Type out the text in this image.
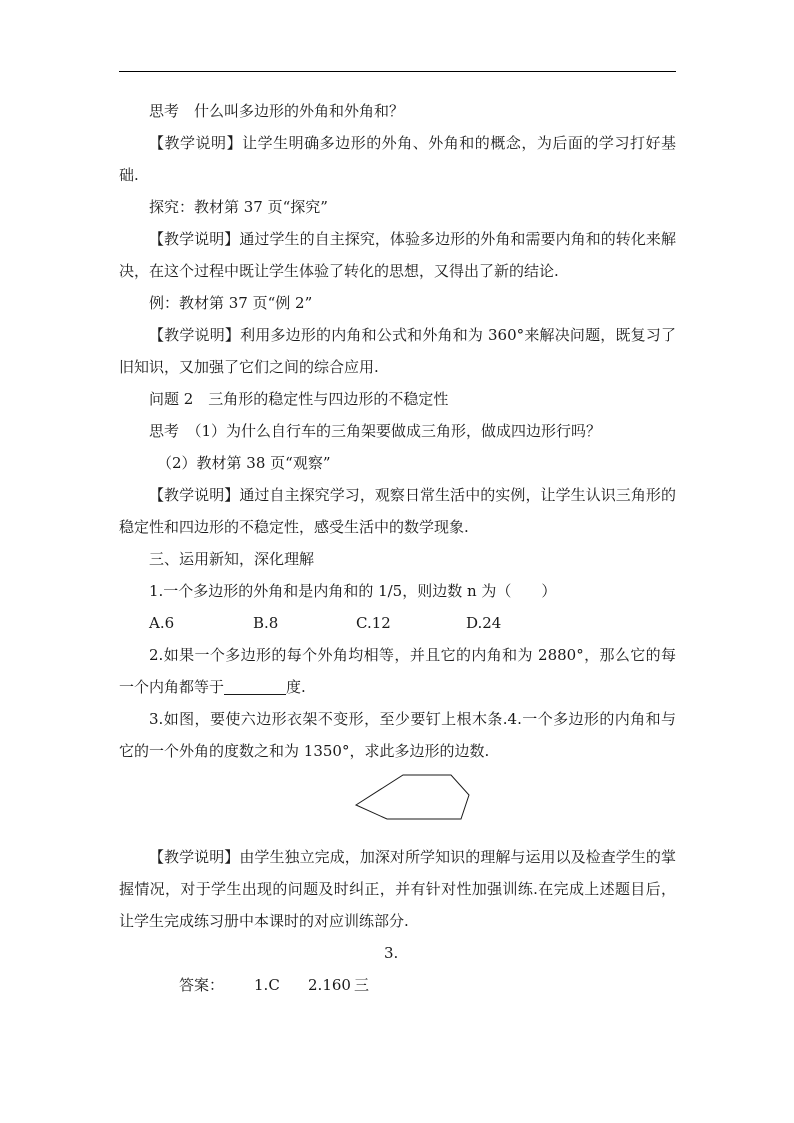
思考　什么叫多边形的外角和外角和？

【教学说明】让学生明确多边形的外角、外角和的概念，为后面的学习打好基础.

探究：教材第 37 页“探究”

【教学说明】通过学生的自主探究，体验多边形的外角和需要内角和的转化来解决，在这个过程中既让学生体验了转化的思想，又得出了新的结论.

例：教材第 37 页“例 2”

【教学说明】利用多边形的内角和公式和外角和为 360°来解决问题，既复习了旧知识，又加强了它们之间的综合应用.

问题 2　三角形的稳定性与四边形的不稳定性

思考　（1）为什么自行车的三角架要做成三角形，做成四边形行吗？

（2）教材第 38 页“观察”

【教学说明】通过自主探究学习，观察日常生活中的实例，让学生认识三角形的稳定性和四边形的不稳定性，感受生活中的数学现象.

三、运用新知，深化理解

1.一个多边形的外角和是内角和的 1/5，则边数 n 为（　　）

A.6	B.8	C.12	D.24

2.如果一个多边形的每个外角均相等，并且它的内角和为 2880°，那么它的每一个内角都等于	度.

3.如图，要使六边形衣架不变形，至少要钉上根木条.4.一个多边形的内角和与它的一个外角的度数之和为 1350°，求此多边形的边数.

【教学说明】由学生独立完成，加深对所学知识的理解与运用以及检查学生的掌握情况，对于学生出现的问题及时纠正，并有针对性加强训练.在完成上述题目后，让学生完成练习册中本课时的对应训练部分.

答案： 1.C 2.1603.三
